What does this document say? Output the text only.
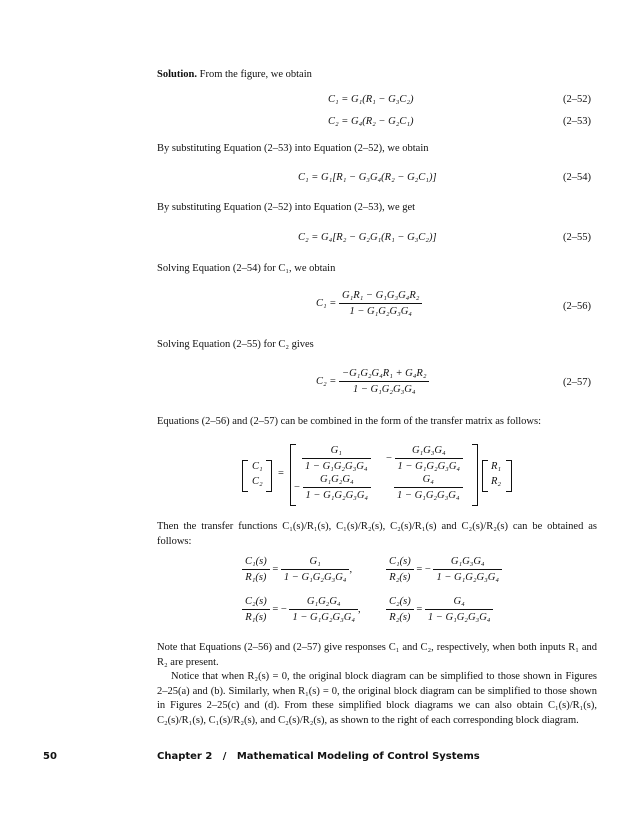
Solution. From the figure, we obtain
C₁ = G₁(R₁ − G₃C₂)	(2–52)
C₂ = G₄(R₂ − G₂C₁)	(2–53)
By substituting Equation (2–53) into Equation (2–52), we obtain
C₁ = G₁[R₁ − G₃G₄(R₂ − G₂C₁)]	(2–54)
By substituting Equation (2–52) into Equation (2–53), we get
C₂ = G₄[R₂ − G₂G₁(R₁ − G₃C₂)]	(2–55)
Solving Equation (2–54) for C₁, we obtain
$C_1 = \frac{\text{G₁R₁ − G₁G₃G₄R₂}}{\text{1 − G₁G₂G₃G₄}}$	(2–56)
Solving Equation (2–55) for C₂ gives
$C_2 = \frac{\text{−G₁G₂G₄R₁ + G₄R₂}}{\text{1 − G₁G₂G₃G₄}}$	(2–57)
Equations (2–56) and (2–57) can be combined in the form of the transfer matrix as follows:
C₁
C₂
=
$\frac{\text{G₁}}{\text{1 − G₁G₂G₃G₄}} - \frac{\text{G₁G₃G₄}}{\text{1 − G₁G₂G₃G₄}}$
− $\frac{\text{G₁G₂G₄}}{\text{1 − G₁G₂G₃G₄}} \frac{\text{G₄}}{\text{1 − G₁G₂G₃G₄}}$
R₁
R₂
Then the transfer functions C₁(s)/R₁(s), C₁(s)/R₂(s), C₂(s)/R₁(s) and C₂(s)/R₂(s) can be obtained as follows:
$\frac{\text{C₁(s)}}{\text{R₁(s)}} = \frac{\text{G₁}}{\text{1 − G₁G₂G₃G₄}}$ ,	$\frac{\text{C₁(s)}}{\text{R₂(s)}}$ = − $\frac{\text{G₁G₃G₄}}{\text{1 − G₁G₂G₃G₄}}$
$\frac{\text{C₂(s)}}{\text{R₁(s)}}$ = − $\frac{\text{G₁G₂G₄}}{\text{1 − G₁G₂G₃G₄}}$ , $\frac{\text{C₂(s)}}{\text{R₂(s)}} = \frac{\text{G₄}}{\text{1 − G₁G₂G₃G₄}}$
Note that Equations (2–56) and (2–57) give responses C₁ and C₂, respectively, when both inputs R₁ and R₂ are present.
Notice that when R₂(s) = 0, the original block diagram can be simplified to those shown in Figures 2–25(a) and (b). Similarly, when R₁(s) = 0, the original block diagram can be simplified to those shown in Figures 2–25(c) and (d). From these simplified block diagrams we can also obtain C₁(s)/R₁(s), C₂(s)/R₁(s), C₁(s)/R₂(s), and C₂(s)/R₂(s), as shown to the right of each corresponding block diagram.
50	Chapter 2   /   Mathematical Modeling of Control Systems
